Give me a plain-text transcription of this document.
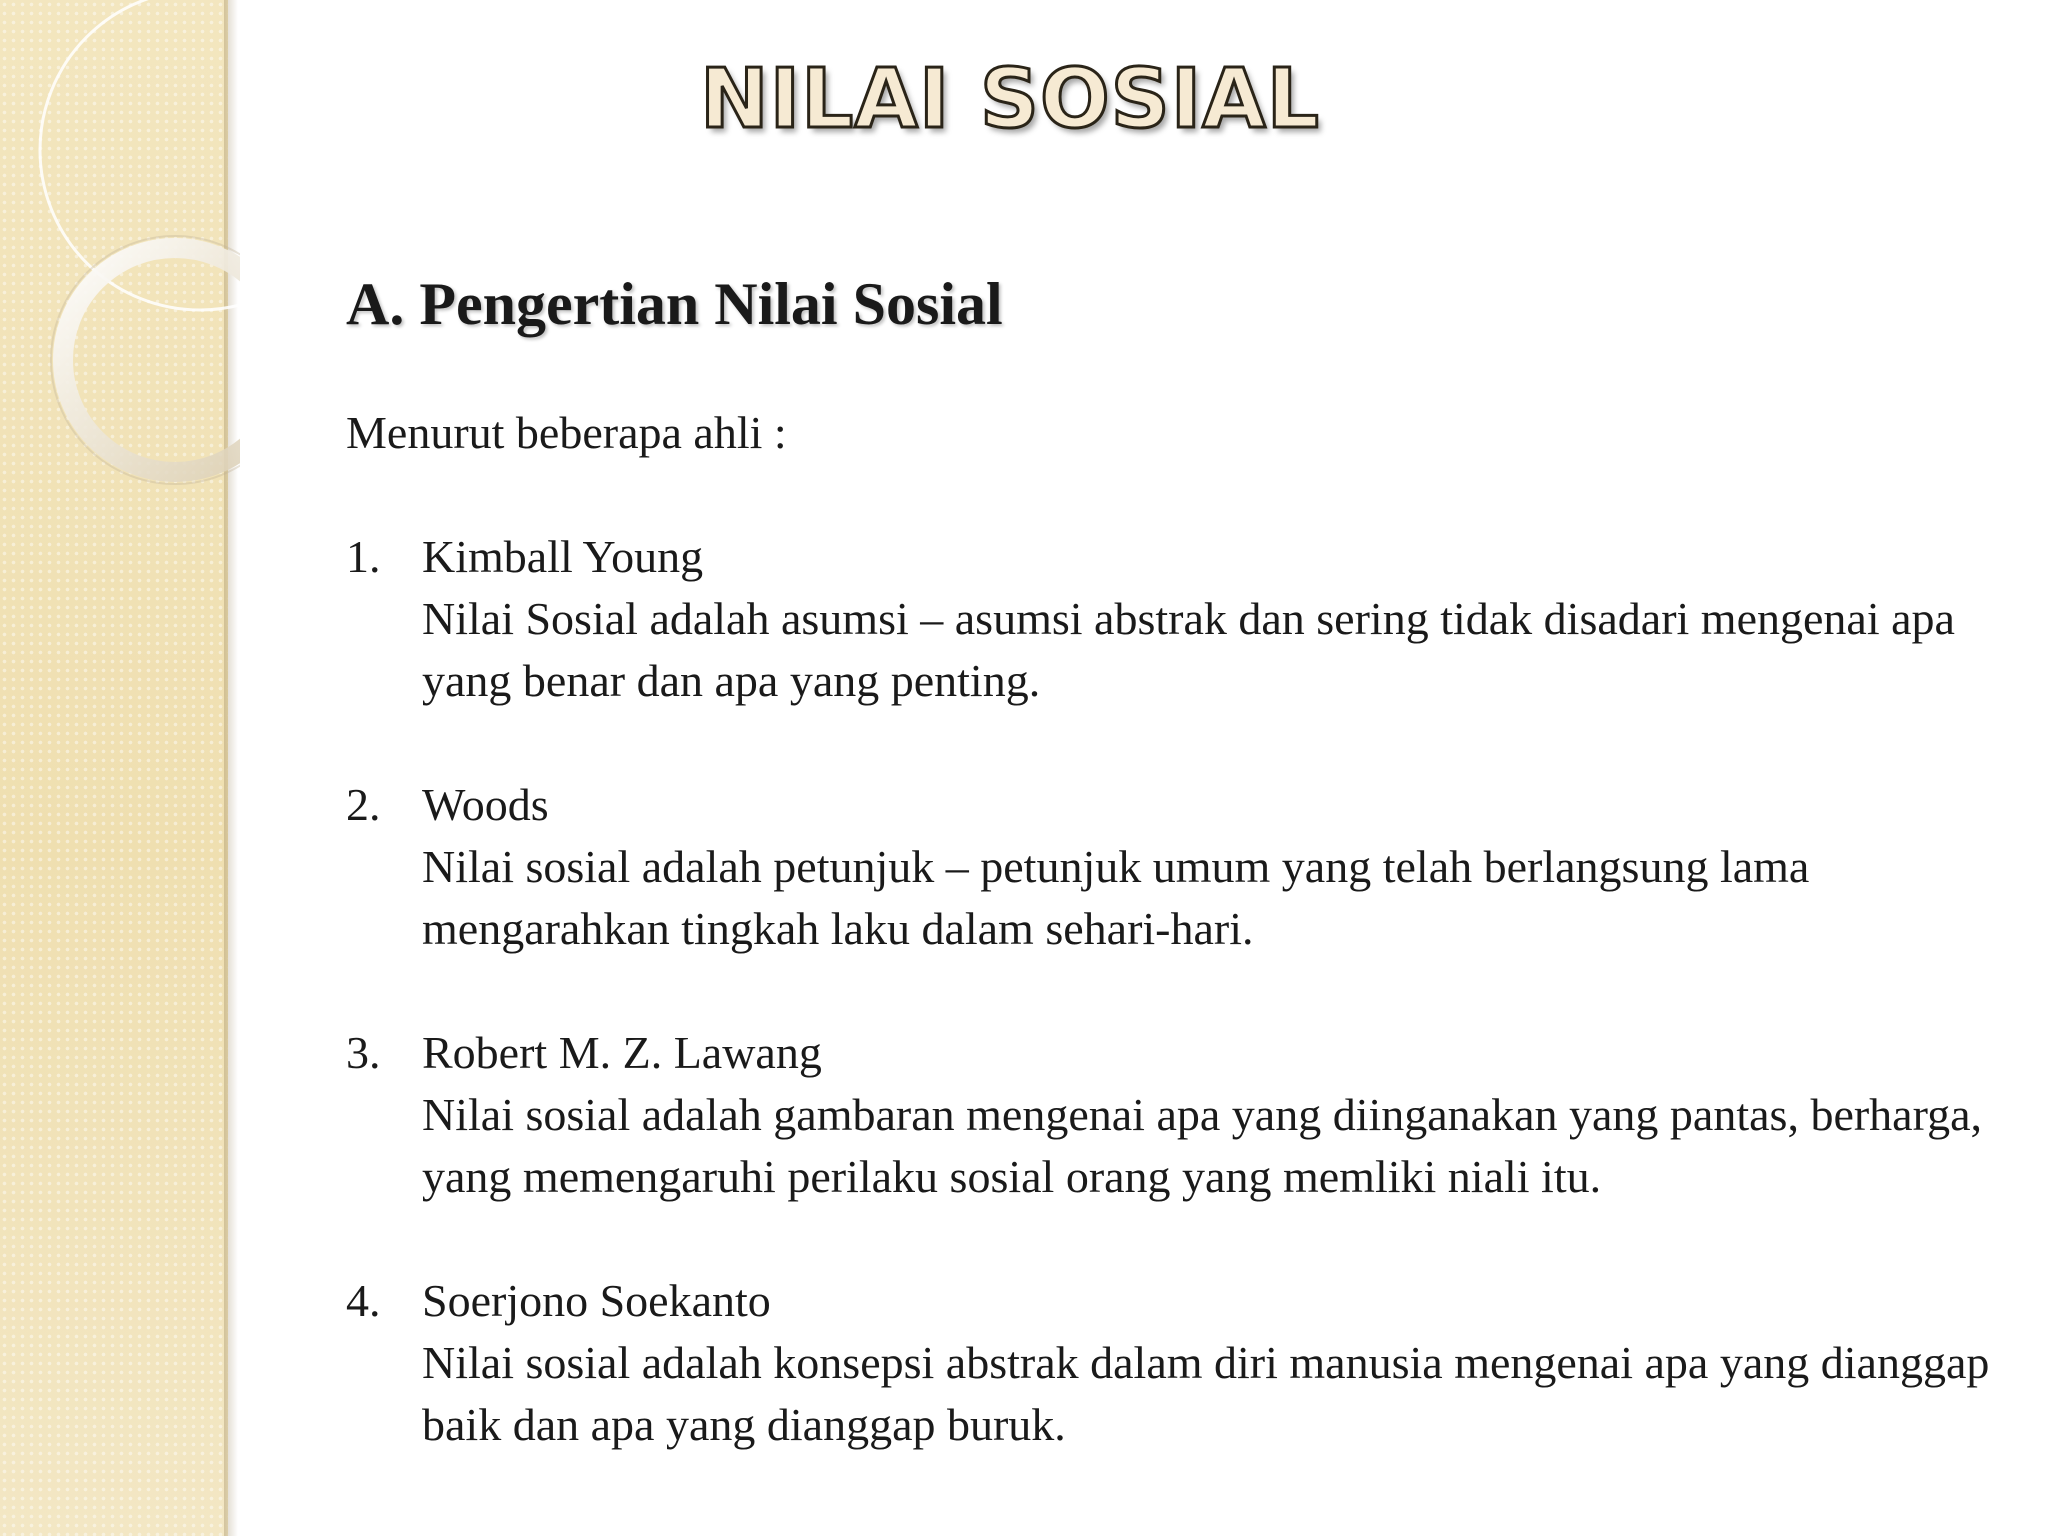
NILAI SOSIAL
A. Pengertian Nilai Sosial

Menurut beberapa ahli :

1. Kimball Young
Nilai Sosial adalah asumsi – asumsi abstrak dan sering tidak disadari mengenai apa yang benar dan apa yang penting.
2. Woods
Nilai sosial adalah petunjuk – petunjuk umum yang telah berlangsung lama mengarahkan tingkah laku dalam sehari-hari.
3. Robert M. Z. Lawang
Nilai sosial adalah gambaran mengenai apa yang diinganakan yang pantas, berharga, yang memengaruhi perilaku sosial orang yang memliki niali itu.
4. Soerjono Soekanto
Nilai sosial adalah konsepsi abstrak dalam diri manusia mengenai apa yang dianggap baik dan apa yang dianggap buruk.
